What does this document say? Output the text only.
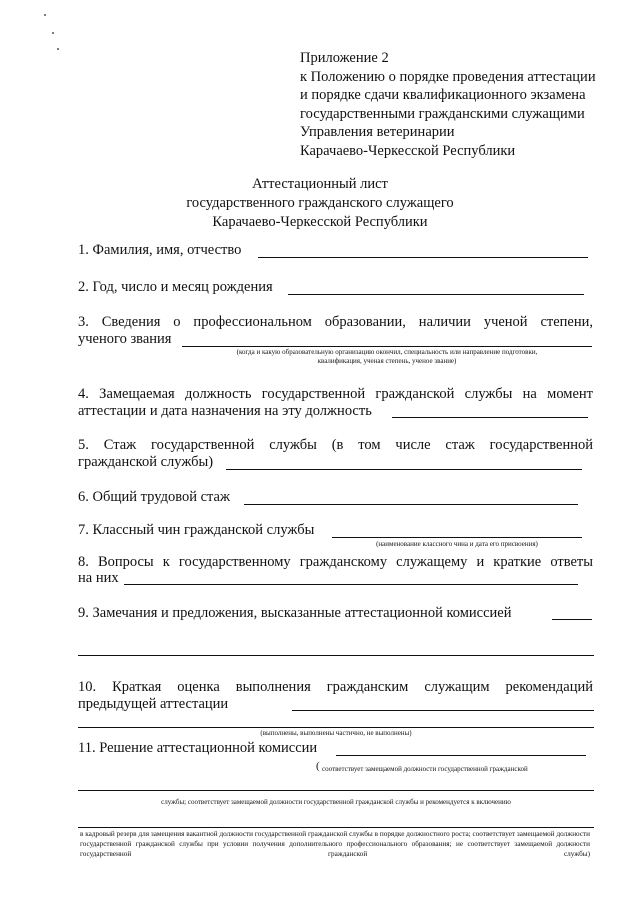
Приложение 2
к Положению о порядке проведения аттестации
и порядке сдачи квалификационного экзамена
государственными гражданскими служащими
Управления ветеринарии
Карачаево-Черкесской Республики
Аттестационный лист
государственного гражданского служащего
Карачаево-Черкесской Республики
1. Фамилия, имя, отчество
2. Год, число и месяц рождения
3. Сведения о профессиональном образовании, наличии ученой степени,
ученого звания
(когда и какую образовательную организацию окончил, специальность или направление подготовки,
квалификация, ученая степень, ученое звание)
4. Замещаемая должность государственной гражданской службы на момент
аттестации и дата назначения на эту должность
5. Стаж государственной службы (в том числе стаж государственной
гражданской службы)
6. Общий трудовой стаж
7. Классный чин гражданской службы
(наименование классного чина и дата его присвоения)
8. Вопросы к государственному гражданскому служащему и краткие ответы
на них
9. Замечания и предложения, высказанные аттестационной комиссией
10. Краткая оценка выполнения гражданским служащим рекомендаций
предыдущей аттестации
(выполнены, выполнены частично, не выполнены)
11. Решение аттестационной комиссии
( соответствует замещаемой должности государственной гражданской
службы; соответствует замещаемой должности государственной гражданской службы и рекомендуется к включению
в кадровый резерв для замещения вакантной должности государственной гражданской службы в порядке должностного роста; соответствует замещаемой должности государственной гражданской службы при условии получения дополнительного профессионального образования; не соответствует замещаемой должности государственной гражданской службы)
